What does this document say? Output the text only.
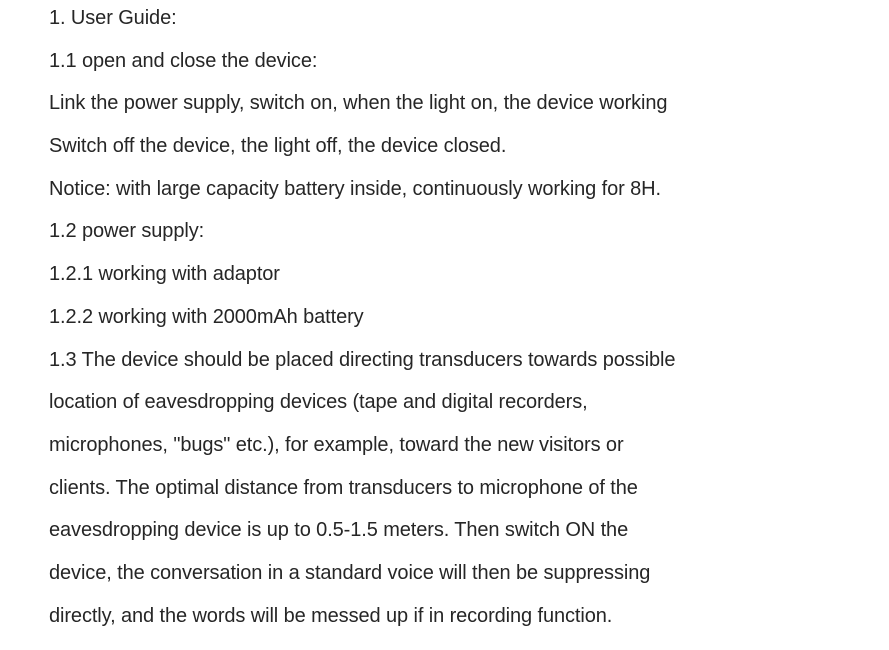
1. User Guide:
1.1 open and close the device:
Link the power supply, switch on, when the light on, the device working
Switch off the device, the light off, the device closed.
Notice: with large capacity battery inside, continuously working for 8H.
1.2 power supply:
1.2.1 working with adaptor
1.2.2 working with 2000mAh battery
1.3 The device should be placed directing transducers towards possible
location of eavesdropping devices (tape and digital recorders,
microphones, "bugs" etc.), for example, toward the new visitors or
clients. The optimal distance from transducers to microphone of the
eavesdropping device is up to 0.5-1.5 meters. Then switch ON the
device, the conversation in a standard voice will then be suppressing
directly, and the words will be messed up if in recording function.
